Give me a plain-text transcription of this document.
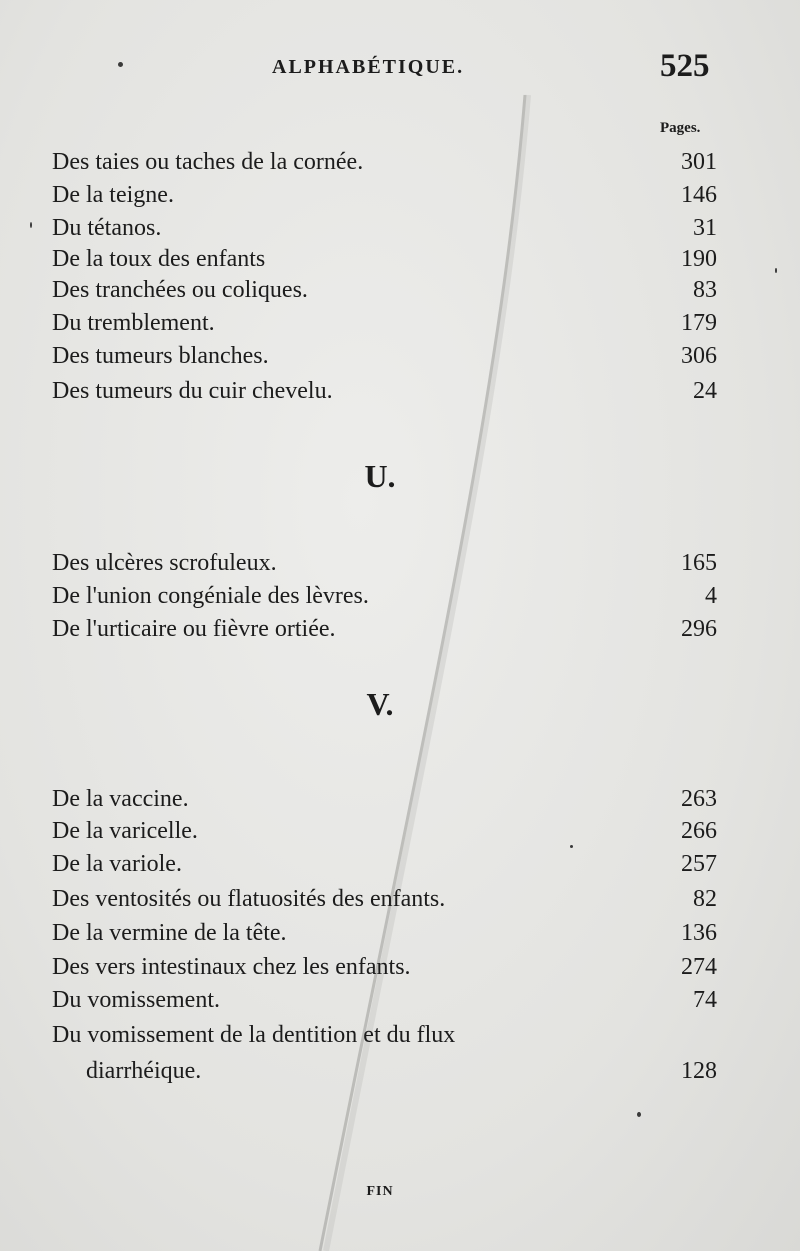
ALPHABÉTIQUE.	525
Pages.
Des taies ou taches de la cornée.	301
De la teigne.	146
Du tétanos.	31
De la toux des enfants	190
Des tranchées ou coliques.	83
Du tremblement.	179
Des tumeurs blanches.	306
Des tumeurs du cuir chevelu.	24
U.
Des ulcères scrofuleux.	165
De l'union congéniale des lèvres.	4
De l'urticaire ou fièvre ortiée.	296
V.
De la vaccine.	263
De la varicelle.	266
De la variole.	257
Des ventosités ou flatuosités des enfants.	82
De la vermine de la tête.	136
Des vers intestinaux chez les enfants.	274
Du vomissement.	74
Du vomissement de la dentition et du flux
diarrhéique.	128
FIN
